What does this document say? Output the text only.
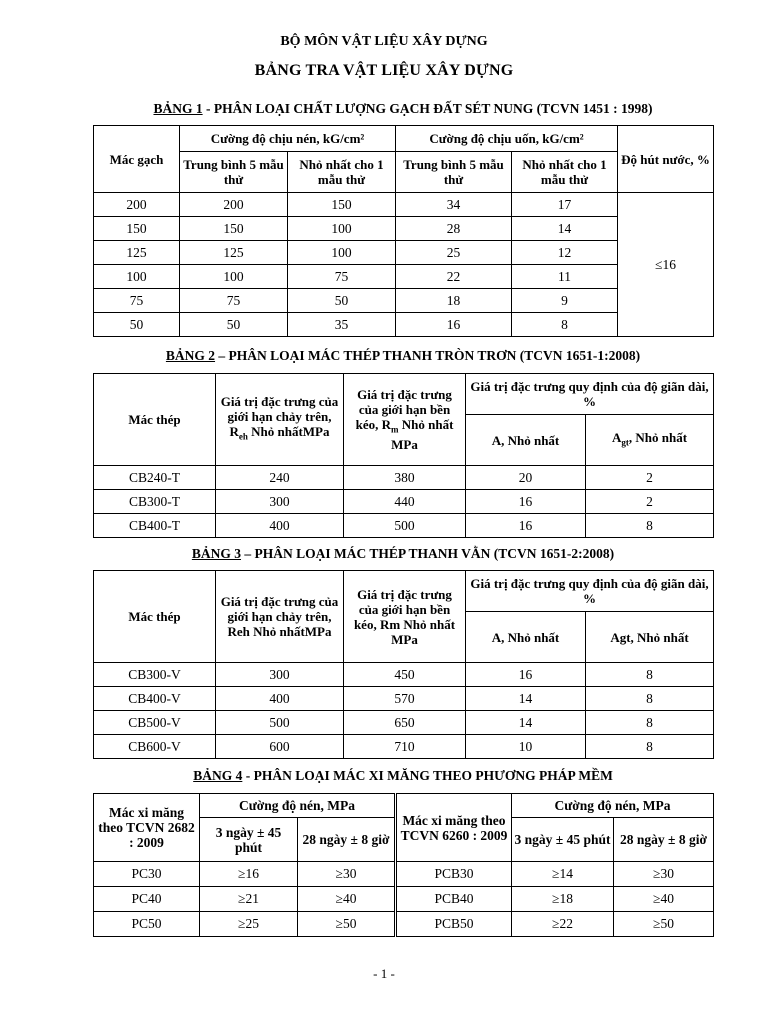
BỘ MÔN VẬT LIỆU XÂY DỰNG
BẢNG TRA VẬT LIỆU XÂY DỰNG
BẢNG 1 - PHÂN LOẠI CHẤT LƯỢNG GẠCH ĐẤT SÉT NUNG (TCVN 1451 : 1998)
Mác gạch	Cường độ chịu nén, kG/cm²		Cường độ chịu uốn, kG/cm²		Độ hút nước, %
	Trung bình 5 mẫu thử	Nhỏ nhất cho 1 mẫu thử	Trung bình 5 mẫu thử	Nhỏ nhất cho 1 mẫu thử	
200	200	150	34	17	≤16
150	150	100	28	14	
125	125	100	25	12	
100	100	75	22	11	
75	75	50	18	9	
50	50	35	16	8	
BẢNG 2 – PHÂN LOẠI MÁC THÉP THANH TRÒN TRƠN (TCVN 1651-1:2008)
Mác thép	Giá trị đặc trưng của giới hạn chảy trên, $R_{eh}$ Nhỏ nhấtMPa	Giá trị đặc trưng của giới hạn bền kéo, $R_m$ Nhỏ nhất MPa	Giá trị đặc trưng quy định của độ giãn dài, %	
			A, Nhỏ nhất	$A_{gt}$, Nhỏ nhất
CB240-T	240	380	20	2
CB300-T	300	440	16	2
CB400-T	400	500	16	8
BẢNG 3 – PHÂN LOẠI MÁC THÉP THANH VẰN (TCVN 1651-2:2008)
Mác thép	Giá trị đặc trưng của giới hạn chảy trên, Reh Nhỏ nhấtMPa	Giá trị đặc trưng của giới hạn bền kéo, Rm Nhỏ nhất MPa	Giá trị đặc trưng quy định của độ giãn dài, %	
			A, Nhỏ nhất	Agt, Nhỏ nhất
CB300-V	300	450	16	8
CB400-V	400	570	14	8
CB500-V	500	650	14	8
CB600-V	600	710	10	8
BẢNG 4 - PHÂN LOẠI MÁC XI MĂNG THEO PHƯƠNG PHÁP MỀM
Mác xi măng theo TCVN 2682 : 2009	Cường độ nén, MPa		Mác xi măng theo TCVN 6260 : 2009	Cường độ nén, MPa	
	3 ngày ± 45 phút	28 ngày ± 8 giờ		3 ngày ± 45 phút	28 ngày ± 8 giờ
PC30	≥16	≥30	PCB30	≥14	≥30
PC40	≥21	≥40	PCB40	≥18	≥40
PC50	≥25	≥50	PCB50	≥22	≥50
- 1 -
